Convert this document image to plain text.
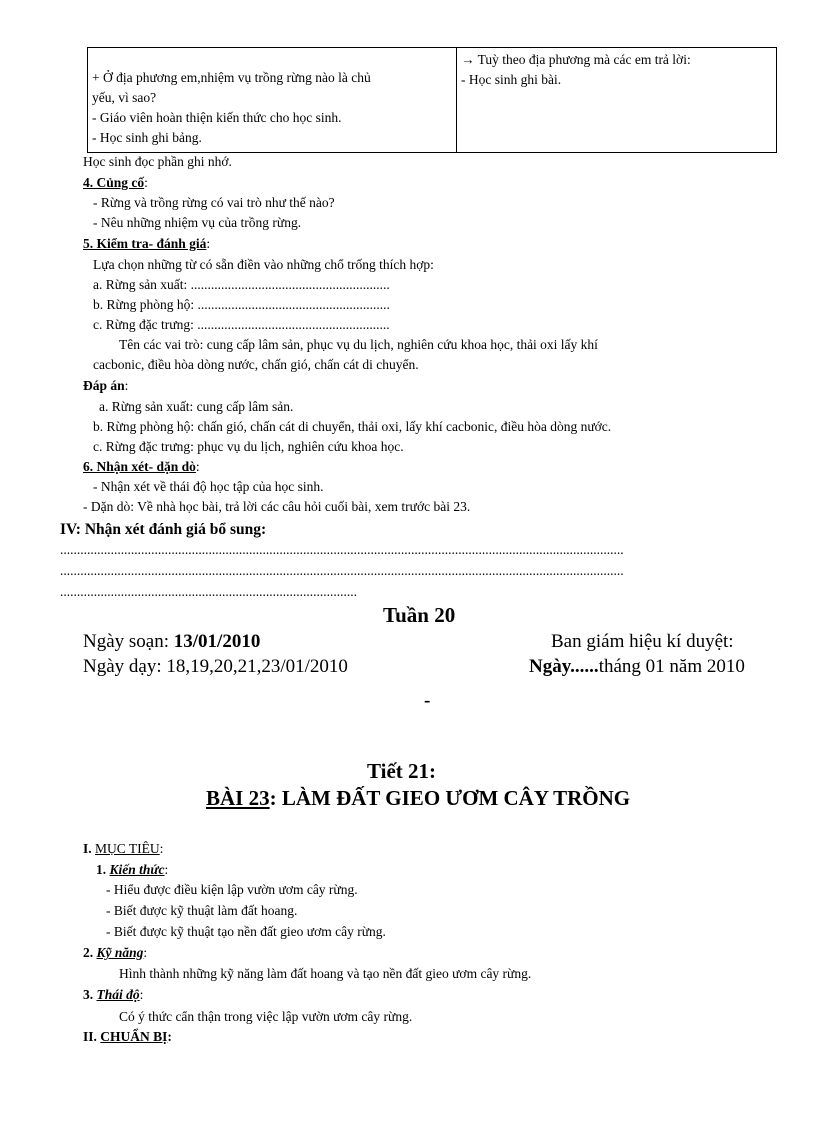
+ Ở địa phương em,nhiệm vụ trồng rừng nào là chủ
yếu, vì sao?
- Giáo viên hoàn thiện kiến thức cho học sinh.
- Học sinh ghi bảng.

→ Tuỳ theo địa phương mà các em trả lời:
- Học sinh ghi bài.
Học sinh đọc phần ghi nhớ.
4. Củng cố:
- Rừng và trồng rừng có vai trò như thế nào?
- Nêu những nhiệm vụ của trồng rừng.
5. Kiểm tra- đánh giá:
Lựa chọn những từ có sẵn điền vào những chổ trống thích hợp:
a. Rừng sản xuất: ...........................................................
b. Rừng phòng hộ: .........................................................
c. Rừng đặc trưng: .........................................................
Tên các vai trò: cung cấp lâm sản, phục vụ du lịch, nghiên cứu khoa học, thải oxi lấy khí
cacbonic, điều hòa dòng nước, chấn gió, chấn cát di chuyển.
Đáp án:
a. Rừng sản xuất: cung cấp lâm sản.
b. Rừng phòng hộ: chấn gió, chấn cát di chuyển, thải oxi, lấy khí cacbonic, điều hòa dòng nước.
c. Rừng đặc trưng: phục vụ du lịch, nghiên cứu khoa học.
6. Nhận xét- dặn dò:
- Nhận xét về thái độ học tập của học sinh.
- Dặn dò: Về nhà học bài, trả lời các câu hỏi cuối bài, xem trước bài 23.
IV: Nhận xét đánh giá bổ sung:
.......................................................................................................................................................................
.......................................................................................................................................................................
........................................................................................
Tuần 20
Ngày soạn: 13/01/2010	Ban giám hiệu kí duyệt:
Ngày dạy: 18,19,20,21,23/01/2010	Ngày......tháng 01 năm 2010
-
Tiết 21:
BÀI 23: LÀM ĐẤT GIEO ƯƠM CÂY TRỒNG
I. MỤC TIÊU:
1. Kiến thức:
- Hiểu được điều kiện lập vườn ươm cây rừng.
- Biết được kỹ thuật làm đất hoang.
- Biết được kỹ thuật tạo nền đất gieo ươm cây rừng.
2. Kỹ năng:
Hình thành những kỹ năng làm đất hoang và tạo nền đất gieo ươm cây rừng.
3. Thái độ:
Có ý thức cẩn thận trong việc lập vườn ươm cây rừng.
II. CHUẨN BỊ:
